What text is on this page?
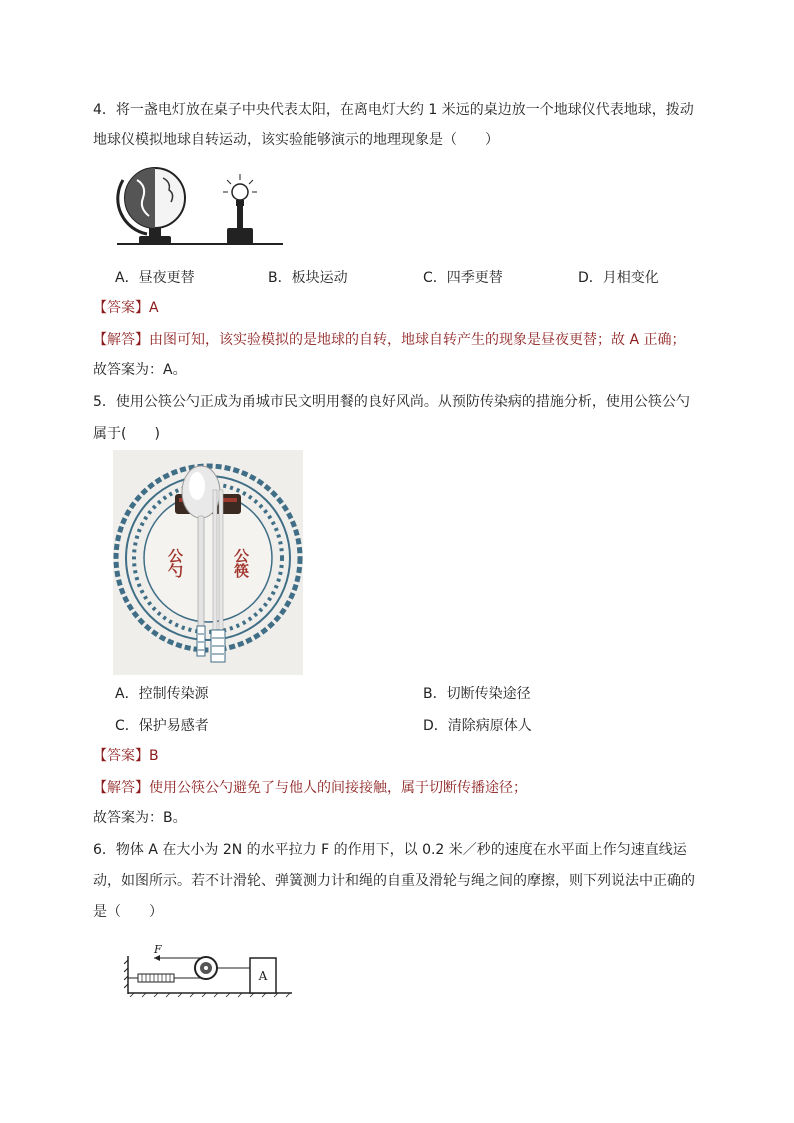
4．将一盏电灯放在桌子中央代表太阳，在离电灯大约 1 米远的桌边放一个地球仪代表地球，拨动
地球仪模拟地球自转运动，该实验能够演示的地理现象是（　　）
A．昼夜更替	B．板块运动	C．四季更替	D．月相变化
【答案】A
【解答】由图可知，该实验模拟的是地球的自转，地球自转产生的现象是昼夜更替；故 A 正确；
故答案为：A。
5．使用公筷公勺正成为甬城市民文明用餐的良好风尚。从预防传染病的措施分析，使用公筷公勺
属于(　　)
公勺	公筷
A．控制传染源	B．切断传染途径
C．保护易感者	D．清除病原体人
【答案】B
【解答】使用公筷公勺避免了与他人的间接接触，属于切断传播途径；
故答案为：B。
6．物体 A 在大小为 2N 的水平拉力 F 的作用下，以 0.2 米／秒的速度在水平面上作匀速直线运
动，如图所示。若不计滑轮、弹簧测力计和绳的自重及滑轮与绳之间的摩擦，则下列说法中正确的
是（　　）
F
A
